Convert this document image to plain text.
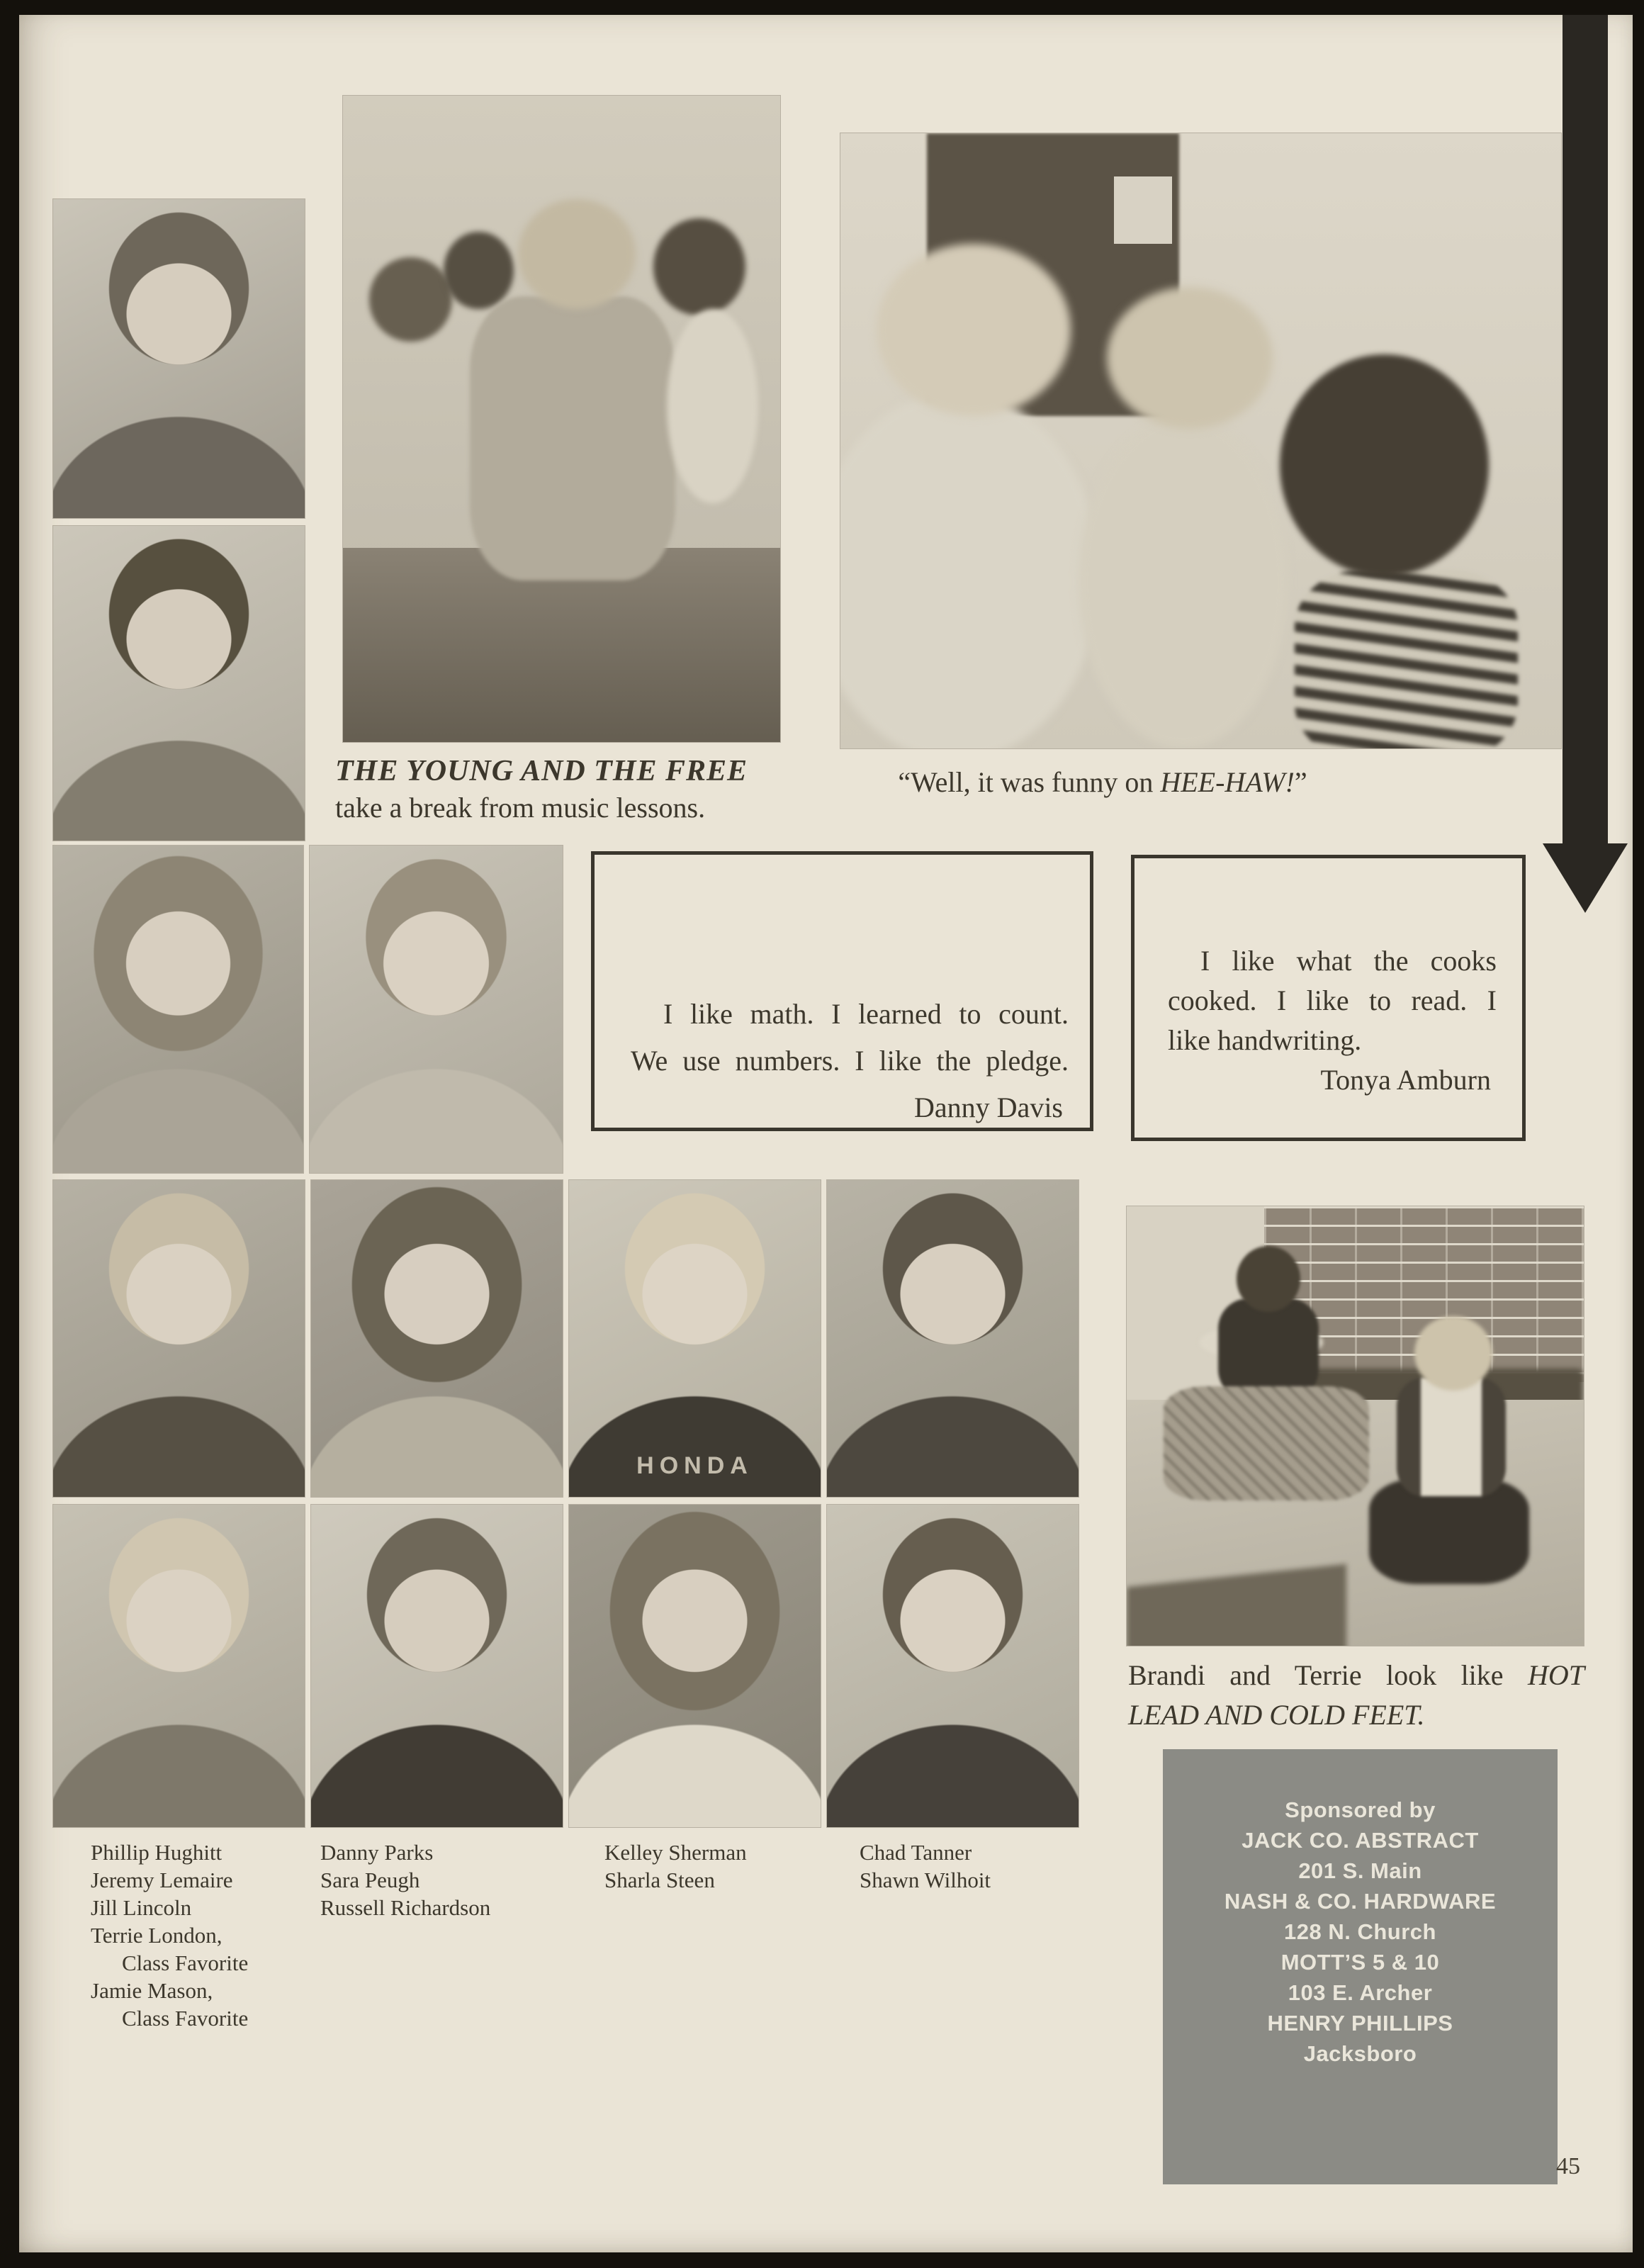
THE YOUNG AND THE FREE
take a break from music lessons.
“Well, it was funny on HEE-HAW!”
I like math. I learned to count.
We use numbers. I like the pledge.
Danny Davis
I like what the cooks
cooked. I like to read. I
like handwriting.
Tonya Amburn
HONDA
Brandi and Terrie look like HOT
LEAD AND COLD FEET.
Phillip Hughitt
Jeremy Lemaire
Jill Lincoln
Terrie London,
Class Favorite
Jamie Mason,
Class Favorite
Danny Parks
Sara Peugh
Russell Richardson
Kelley Sherman
Sharla Steen
Chad Tanner
Shawn Wilhoit
Sponsored by
JACK CO. ABSTRACT
201 S. Main
NASH & CO. HARDWARE
128 N. Church
MOTT’S 5 & 10
103 E. Archer
HENRY PHILLIPS
Jacksboro
45
